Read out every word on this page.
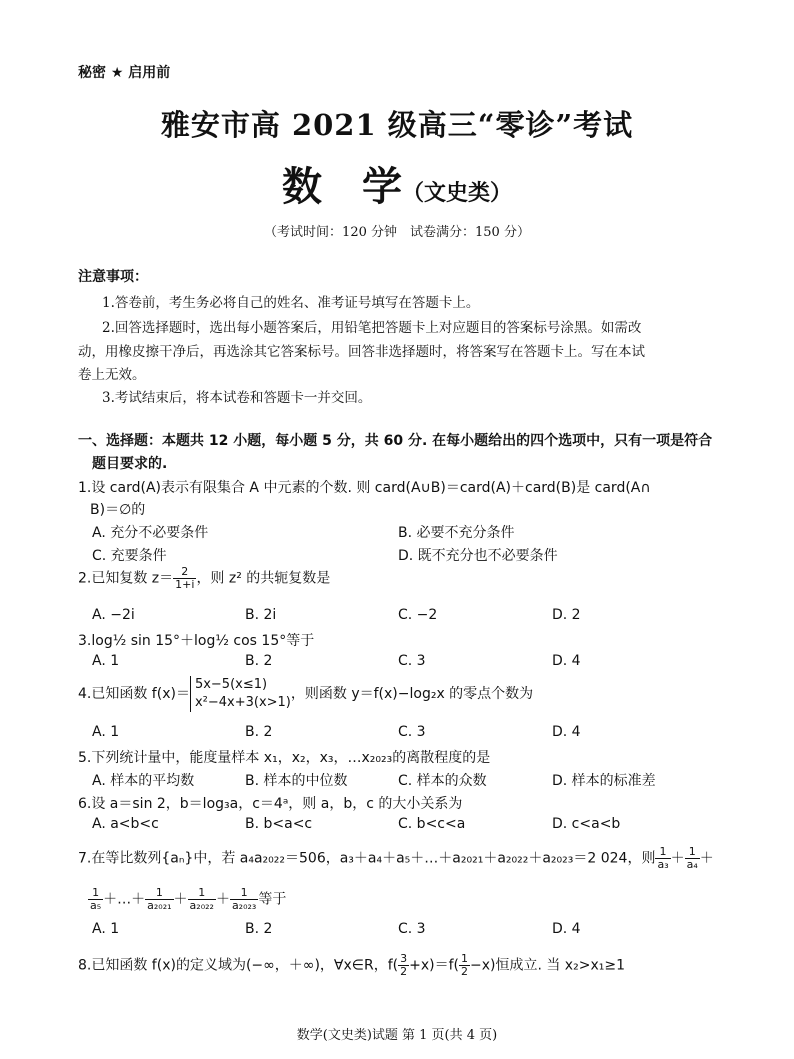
秘密 ★ 启用前
雅安市高 2021 级高三“零诊”考试
数　学（文史类）
（考试时间：120 分钟　试卷满分：150 分）
注意事项：
1.答卷前，考生务必将自己的姓名、准考证号填写在答题卡上。
2.回答选择题时，选出每小题答案后，用铅笔把答题卡上对应题目的答案标号涂黑。如需改
动，用橡皮擦干净后，再选涂其它答案标号。回答非选择题时，将答案写在答题卡上。写在本试
卷上无效。
3.考试结束后，将本试卷和答题卡一并交回。
一、选择题：本题共 12 小题，每小题 5 分，共 60 分. 在每小题给出的四个选项中，只有一项是符合
题目要求的.
1.设 card(A)表示有限集合 A 中元素的个数. 则 card(A∪B)＝card(A)＋card(B)是 card(A∩
B)＝∅的
A. 充分不必要条件	B. 必要不充分条件
C. 充要条件	D. 既不充分也不必要条件
2.已知复数 $z= \frac{2}{1+i}$ ，则 z² 的共轭复数是
A. −2i	B. 2i	C. −2	D. 2
3.log½ sin 15°＋log½ cos 15°等于
A. 1	B. 2	C. 3	D. 4
4.已知函数 f(x)＝
5x−5(x≤1)
x²−4x+3(x>1)
，则函数 y＝f(x)−log₂x 的零点个数为
A. 1	B. 2	C. 3	D. 4
5.下列统计量中，能度量样本 x₁，x₂，x₃，…x₂₀₂₃的离散程度的是
A. 样本的平均数	B. 样本的中位数	C. 样本的众数	D. 样本的标准差
6.设 a＝sin 2，b＝log₃a，c＝4ᵃ，则 a，b，c 的大小关系为
A. a<b<c	B. b<a<c	C. b<c<a	D. c<a<b
7.在等比数列{aₙ}中，若 a₄a₂₀₂₂＝506，a₃＋a₄＋a₅＋…＋a₂₀₂₁＋a₂₀₂₂＋a₂₀₂₃＝2 024，则 $\frac{1}{\text{a₃}} + \frac{1}{\text{a₄}}$ ＋
$\frac{1}{\text{a₅}}$ ＋…＋ $\frac{1}{\text{a₂₀₂₁}} + \frac{1}{\text{a₂₀₂₂}} + \frac{1}{\text{a₂₀₂₃}}$ 等于
A. 1	B. 2	C. 3	D. 4
8.已知函数 f(x)的定义域为(−∞，＋∞)，∀x∈R，$f( \frac{3}{2} +x)=f( \frac{1}{2} -x)$恒成立. 当 x₂>x₁≥1
数学(文史类)试题 第 1 页(共 4 页)
